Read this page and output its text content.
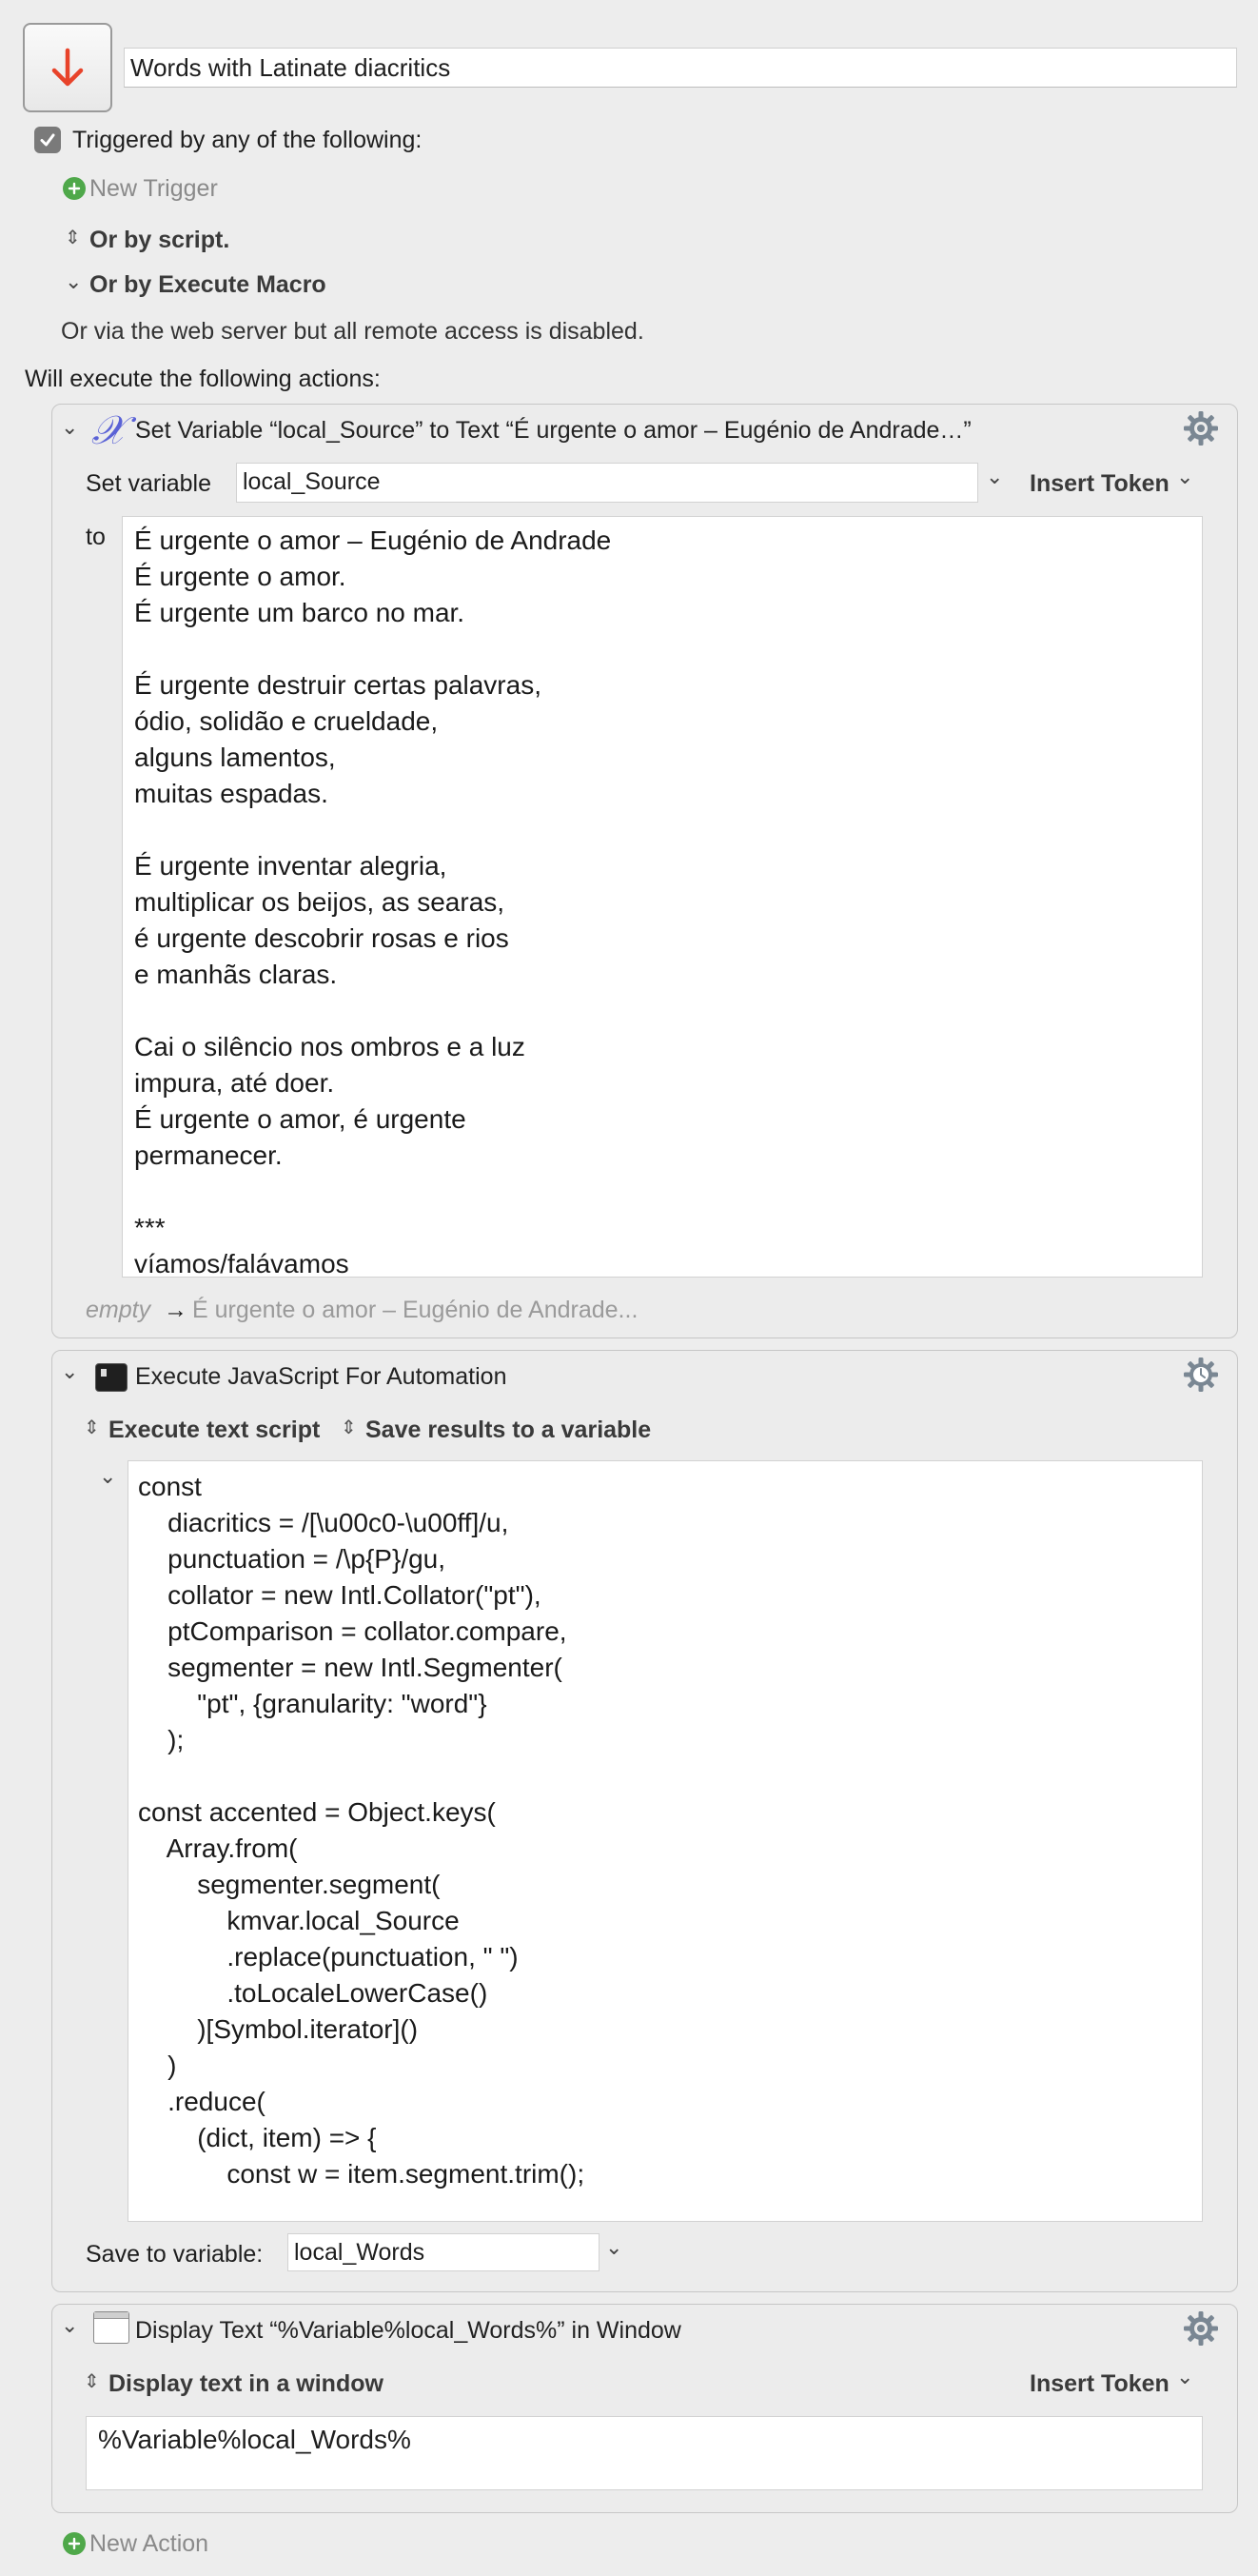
Words with Latinate diacritics
Triggered by any of the following:
New Trigger
⇕ Or by script.
⌄ Or by Execute Macro
Or via the web server but all remote access is disabled.
Will execute the following actions:
⌄ 𝒳 Set Variable “local_Source” to Text “É urgente o amor – Eugénio de Andrade…”
Set variable local_Source	⌄ Insert Token ⌄
to É urgente o amor – Eugénio de Andrade
É urgente o amor.
É urgente um barco no mar.
É urgente destruir certas palavras,
ódio, solidão e crueldade,
alguns lamentos,
muitas espadas.
É urgente inventar alegria,
multiplicar os beijos, as searas,
é urgente descobrir rosas e rios
e manhãs claras.
Cai o silêncio nos ombros e a luz
impura, até doer.
É urgente o amor, é urgente
permanecer.
***
víamos/falávamos
empty → É urgente o amor – Eugénio de Andrade...
⌄ Execute JavaScript For Automation
⇕ Execute text script ⇕ Save results to a variable
const
diacritics = /[\u00c0-\u00ff]/u,
punctuation = /\p{P}/gu,
collator = new Intl.Collator("pt"),
ptComparison = collator.compare,
segmenter = new Intl.Segmenter(
"pt", {granularity: "word"}
);
const accented = Object.keys(
Array.from(
segmenter.segment(
kmvar.local_Source
.replace(punctuation, " ")
.toLocaleLowerCase()
)[Symbol.iterator]()
)
.reduce(
(dict, item) => {
const w = item.segment.trim();
⌄
Save to variable: local_Words	⌄
⌄ Display Text “%Variable%local_Words%” in Window
⇕ Display text in a window	Insert Token ⌄
%Variable%local_Words%
New Action
